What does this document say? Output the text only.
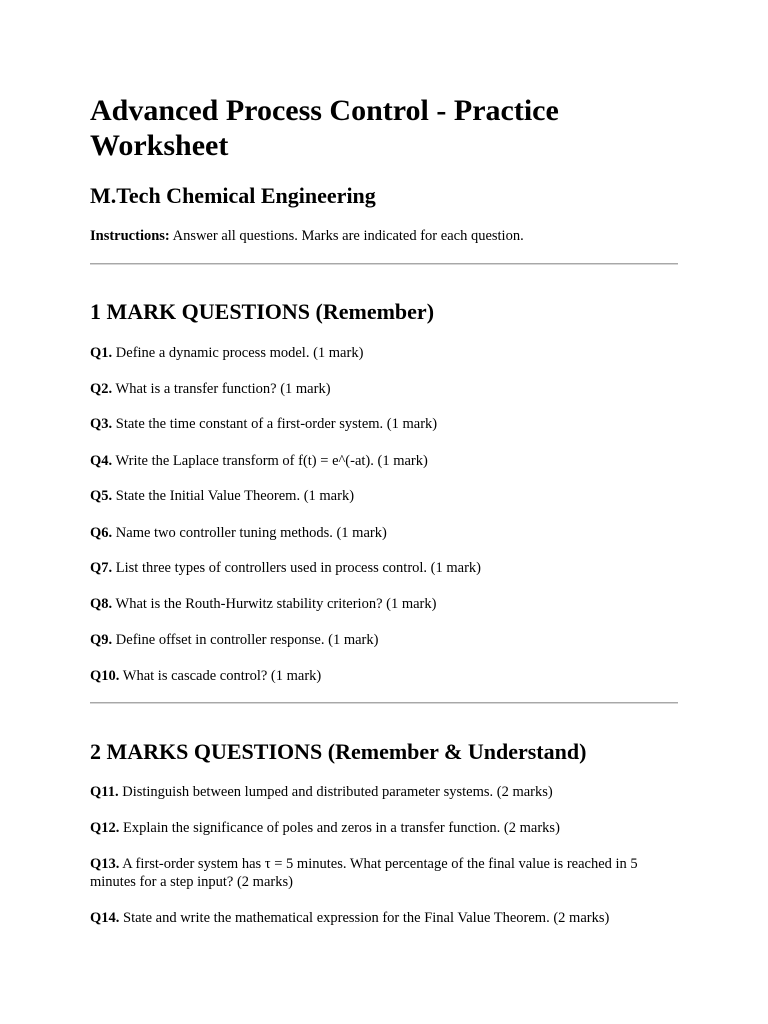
Advanced Process Control - Practice Worksheet
M.Tech Chemical Engineering

Instructions: Answer all questions. Marks are indicated for each question.

1 MARK QUESTIONS (Remember)

Q1. Define a dynamic process model. (1 mark)

Q2. What is a transfer function? (1 mark)

Q3. State the time constant of a first-order system. (1 mark)

Q4. Write the Laplace transform of f(t) = e^(-at). (1 mark)

Q5. State the Initial Value Theorem. (1 mark)

Q6. Name two controller tuning methods. (1 mark)

Q7. List three types of controllers used in process control. (1 mark)

Q8. What is the Routh-Hurwitz stability criterion? (1 mark)

Q9. Define offset in controller response. (1 mark)

Q10. What is cascade control? (1 mark)

2 MARKS QUESTIONS (Remember & Understand)

Q11. Distinguish between lumped and distributed parameter systems. (2 marks)

Q12. Explain the significance of poles and zeros in a transfer function. (2 marks)

Q13. A first-order system has τ = 5 minutes. What percentage of the final value is reached in 5 minutes for a step input? (2 marks)

Q14. State and write the mathematical expression for the Final Value Theorem. (2 marks)
